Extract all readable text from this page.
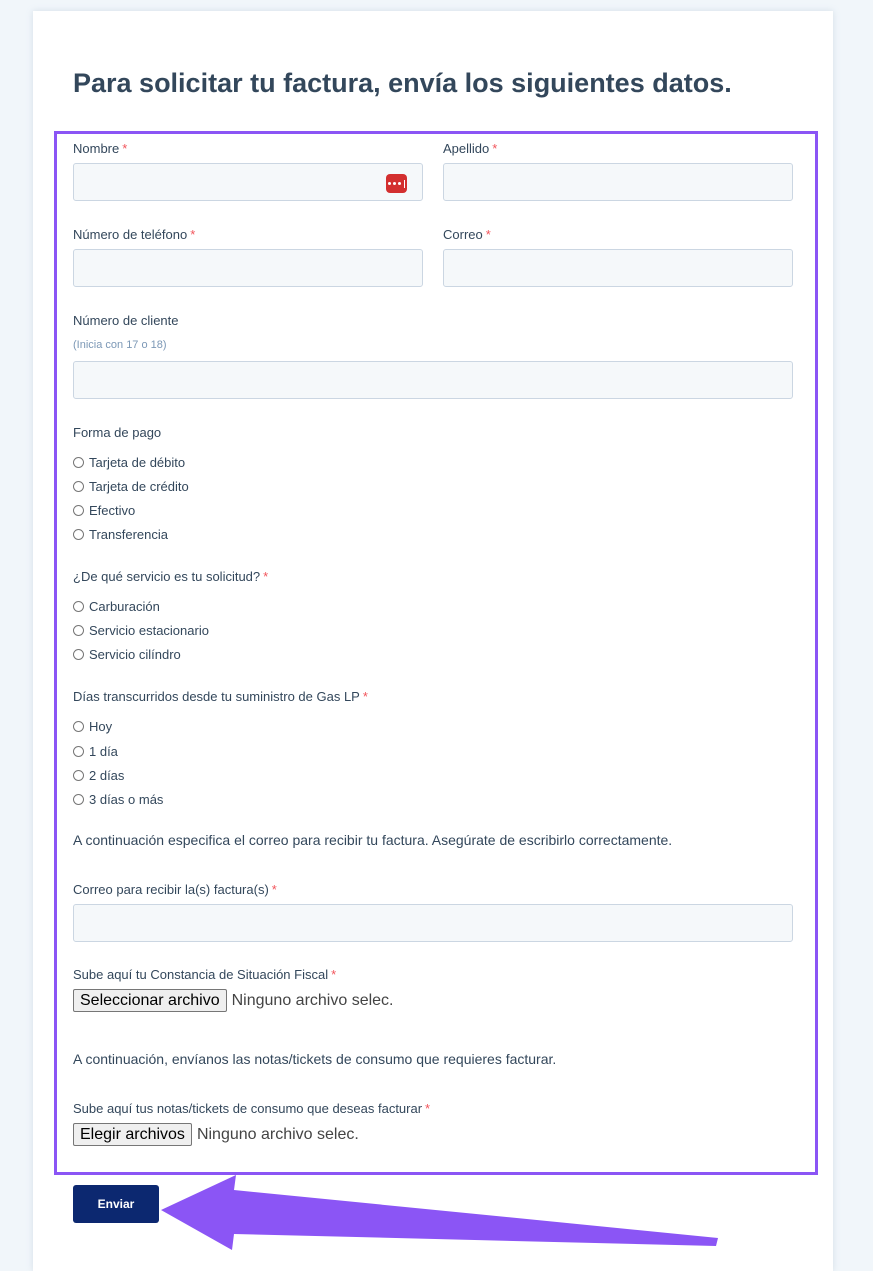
Para solicitar tu factura, envía los siguientes datos.
Nombre *	Apellido *
Número de teléfono *	Correo *
Número de cliente
(Inicia con 17 o 18)
Forma de pago
Tarjeta de débito
Tarjeta de crédito
Efectivo
Transferencia
¿De qué servicio es tu solicitud? *
Carburación
Servicio estacionario
Servicio cilíndro
Días transcurridos desde tu suministro de Gas LP *
Hoy
1 día
2 días
3 días o más
A continuación especifica el correo para recibir tu factura. Asegúrate de escribirlo correctamente.
Correo para recibir la(s) factura(s) *
Sube aquí tu Constancia de Situación Fiscal *
Seleccionar archivo Ninguno archivo selec.
A continuación, envíanos las notas/tickets de consumo que requieres facturar.
Sube aquí tus notas/tickets de consumo que deseas facturar *
Elegir archivos Ninguno archivo selec.
Enviar
